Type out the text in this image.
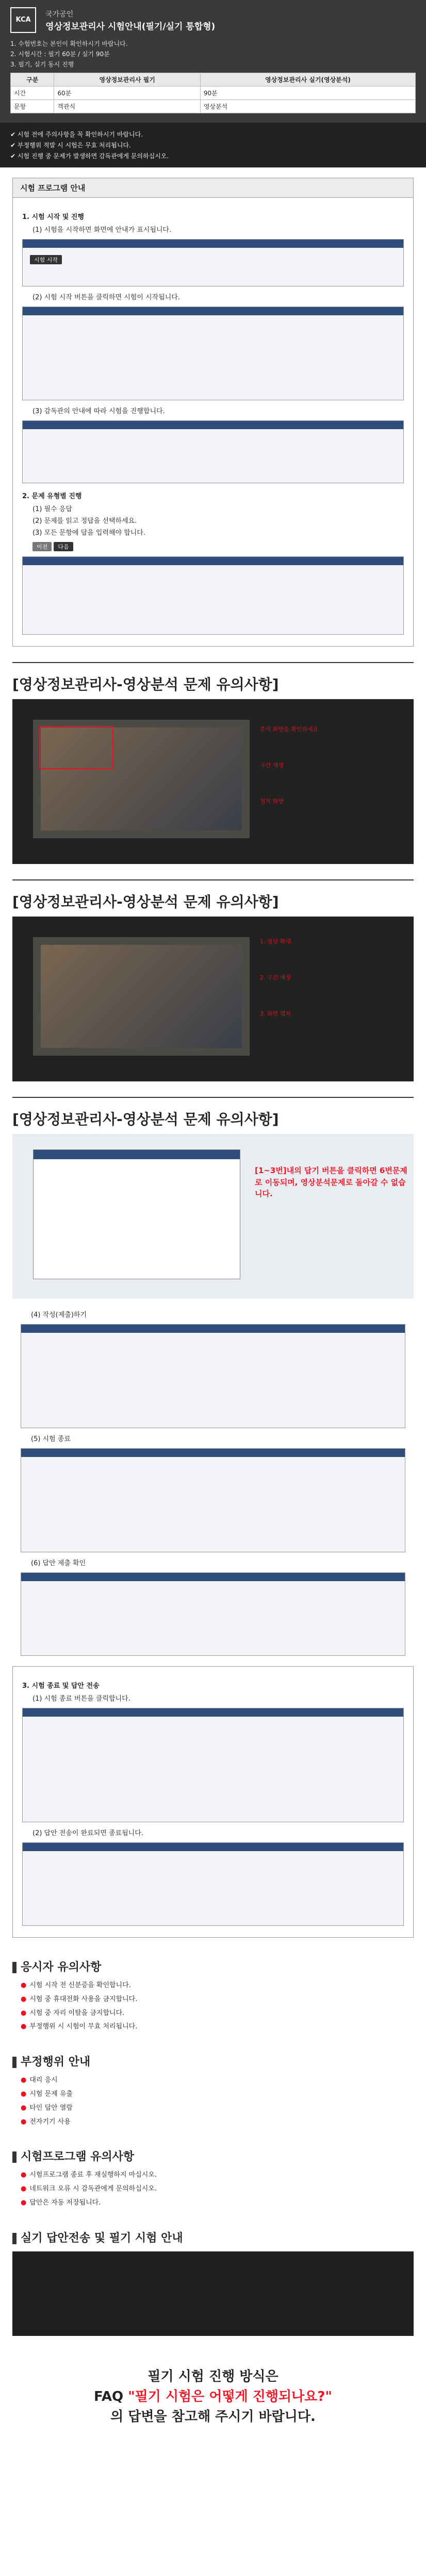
KCA
국가공인
영상정보관리사 시험안내(필기/실기 통합형)
1. 수험번호는 본인이 확인하시기 바랍니다.
2. 시험시간 : 필기 60분 / 실기 90분
3. 필기, 실기 동시 진행
구분	영상정보관리사 필기	영상정보관리사 실기(영상분석)
시간	60분	90분
문항	객관식	영상분석
✔ 시험 전에 주의사항을 꼭 확인하시기 바랍니다.
✔ 부정행위 적발 시 시험은 무효 처리됩니다.
✔ 시험 진행 중 문제가 발생하면 감독관에게 문의하십시오.
시험 프로그램 안내
1. 시험 시작 및 진행
(1) 시험을 시작하면 화면에 안내가 표시됩니다.
시험 시작
(2) 시험 시작 버튼을 클릭하면 시험이 시작됩니다.
(3) 감독관의 안내에 따라 시험을 진행합니다.
2. 문제 유형별 진행
(1) 필수 응답
(2) 문제를 읽고 정답을 선택하세요.
(3) 모든 문항에 답을 입력해야 합니다.
이전 다음
[영상정보관리사-영상분석 문제 유의사항]
분석 화면을 확인하세요
구간 재생
정지 화면
[영상정보관리사-영상분석 문제 유의사항]
1. 영상 확대
2. 구간 재생
3. 화면 캡쳐
[영상정보관리사-영상분석 문제 유의사항]
[1~3번]내의 답기 버튼을 클릭하면 6번문제로 이동되며, 영상분석문제로 돌아갈 수 없습니다.
(4) 작성(제출)하기
(5) 시험 종료
(6) 답안 제출 확인
3. 시험 종료 및 답안 전송
(1) 시험 종료 버튼을 클릭합니다.
(2) 답안 전송이 완료되면 종료됩니다.
응시자 유의사항
● 시험 시작 전 신분증을 확인합니다.
● 시험 중 휴대전화 사용을 금지합니다.
● 시험 중 자리 이탈을 금지합니다.
● 부정행위 시 시험이 무효 처리됩니다.
부정행위 안내
● 대리 응시
● 시험 문제 유출
● 타인 답안 열람
● 전자기기 사용
시험프로그램 유의사항
● 시험프로그램 종료 후 재실행하지 마십시오.
● 네트워크 오류 시 감독관에게 문의하십시오.
● 답안은 자동 저장됩니다.
실기 답안전송 및 필기 시험 안내
필기 시험 진행 방식은
FAQ "필기 시험은 어떻게 진행되나요?"
의 답변을 참고해 주시기 바랍니다.
